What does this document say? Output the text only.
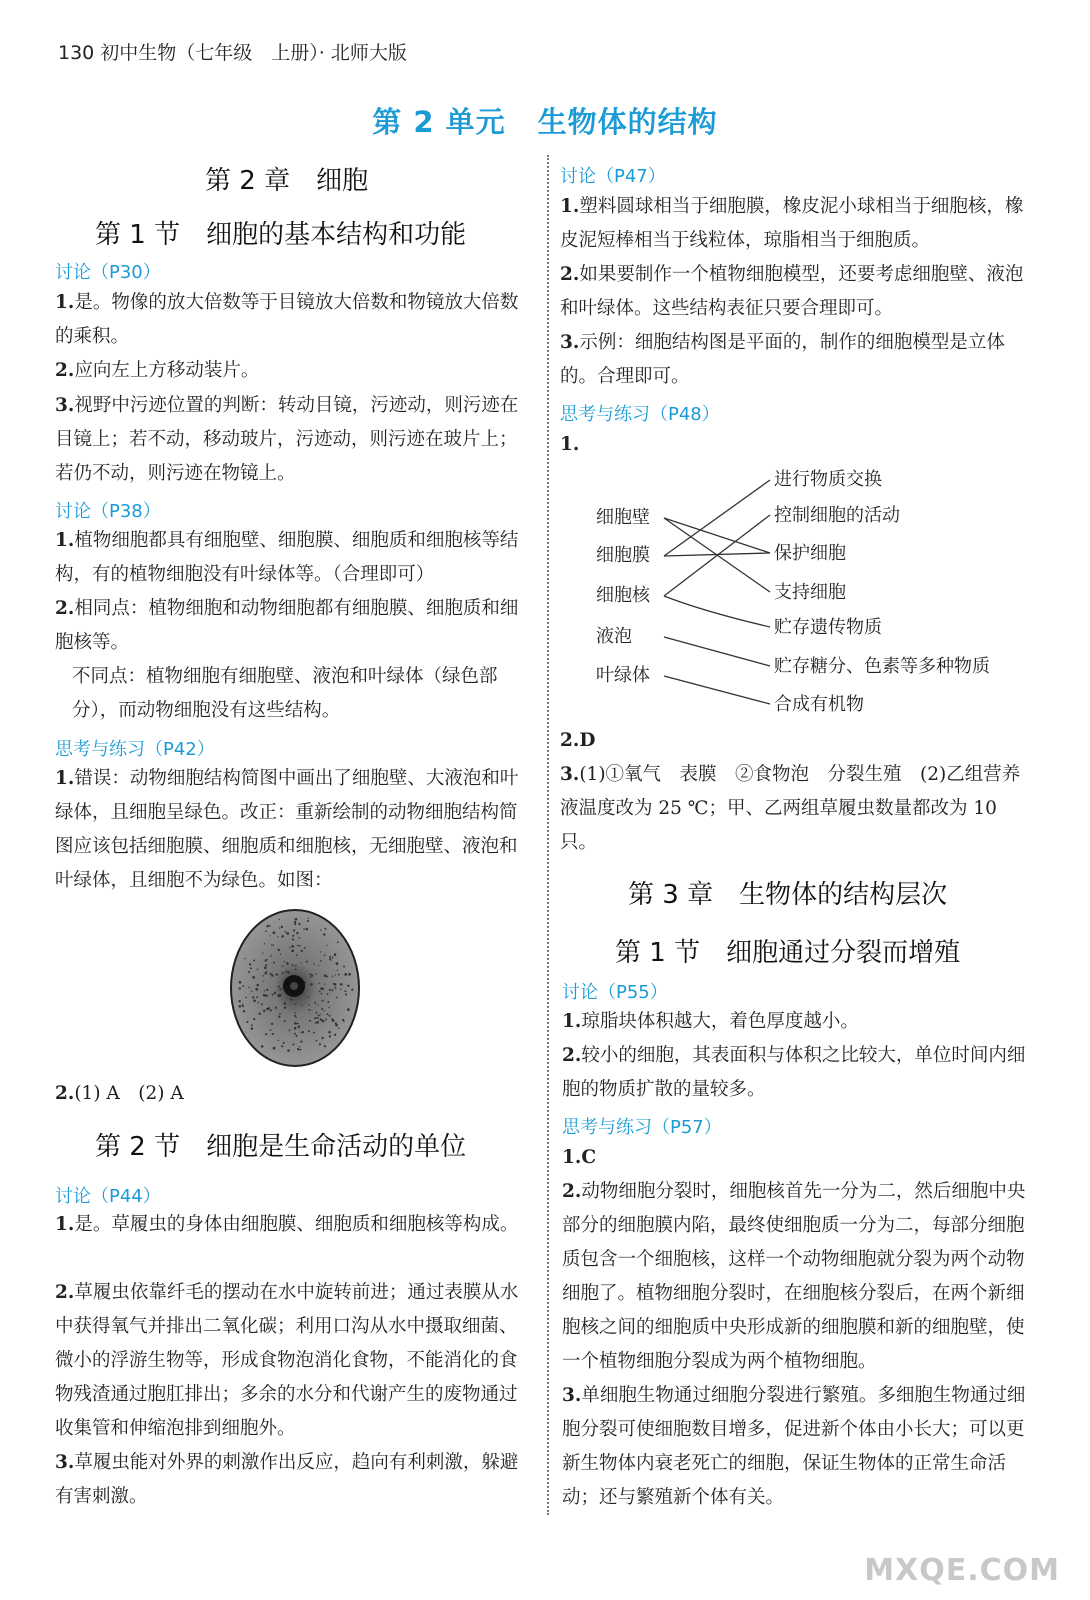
130 初中生物（七年级　上册）· 北师大版
第 2 单元 生物体的结构
第 2 章　细胞
第 1 节　细胞的基本结构和功能
讨论（P30）
1.是。物像的放大倍数等于目镜放大倍数和物镜放大倍数的乘积。
2.应向左上方移动装片。
3.视野中污迹位置的判断：转动目镜，污迹动，则污迹在目镜上；若不动，移动玻片，污迹动，则污迹在玻片上；若仍不动，则污迹在物镜上。
讨论（P38）
1.植物细胞都具有细胞壁、细胞膜、细胞质和细胞核等结构，有的植物细胞没有叶绿体等。（合理即可）
2.相同点：植物细胞和动物细胞都有细胞膜、细胞质和细胞核等。
不同点：植物细胞有细胞壁、液泡和叶绿体（绿色部分），而动物细胞没有这些结构。
思考与练习（P42）
1.错误：动物细胞结构简图中画出了细胞壁、大液泡和叶绿体，且细胞呈绿色。改正：重新绘制的动物细胞结构简图应该包括细胞膜、细胞质和细胞核，无细胞壁、液泡和叶绿体，且细胞不为绿色。如图：
2.(1) A　(2) A
第 2 节　细胞是生命活动的单位
讨论（P44）
1.是。草履虫的身体由细胞膜、细胞质和细胞核等构成。
2.草履虫依靠纤毛的摆动在水中旋转前进；通过表膜从水中获得氧气并排出二氧化碳；利用口沟从水中摄取细菌、微小的浮游生物等，形成食物泡消化食物，不能消化的食物残渣通过胞肛排出；多余的水分和代谢产生的废物通过收集管和伸缩泡排到细胞外。
3.草履虫能对外界的刺激作出反应，趋向有利刺激，躲避有害刺激。
讨论（P47）
1.塑料圆球相当于细胞膜，橡皮泥小球相当于细胞核，橡皮泥短棒相当于线粒体，琼脂相当于细胞质。
2.如果要制作一个植物细胞模型，还要考虑细胞壁、液泡和叶绿体。这些结构表征只要合理即可。
3.示例：细胞结构图是平面的，制作的细胞模型是立体的。合理即可。
思考与练习（P48）
1.
细胞壁
细胞膜
细胞核
液泡
叶绿体
进行物质交换
控制细胞的活动
保护细胞
支持细胞
贮存遗传物质
贮存糖分、色素等多种物质
合成有机物
2.D
3.(1)①氧气　表膜　②食物泡　分裂生殖　(2)乙组营养液温度改为 25 ℃；甲、乙两组草履虫数量都改为 10 只。
第 3 章　生物体的结构层次
第 1 节　细胞通过分裂而增殖
讨论（P55）
1.琼脂块体积越大，着色厚度越小。
2.较小的细胞，其表面积与体积之比较大，单位时间内细胞的物质扩散的量较多。
思考与练习（P57）
1.C
2.动物细胞分裂时，细胞核首先一分为二，然后细胞中央部分的细胞膜内陷，最终使细胞质一分为二，每部分细胞质包含一个细胞核，这样一个动物细胞就分裂为两个动物细胞了。植物细胞分裂时，在细胞核分裂后，在两个新细胞核之间的细胞质中央形成新的细胞膜和新的细胞壁，使一个植物细胞分裂成为两个植物细胞。
3.单细胞生物通过细胞分裂进行繁殖。多细胞生物通过细胞分裂可使细胞数目增多，促进新个体由小长大；可以更新生物体内衰老死亡的细胞，保证生物体的正常生命活动；还与繁殖新个体有关。
MXQE.COM
